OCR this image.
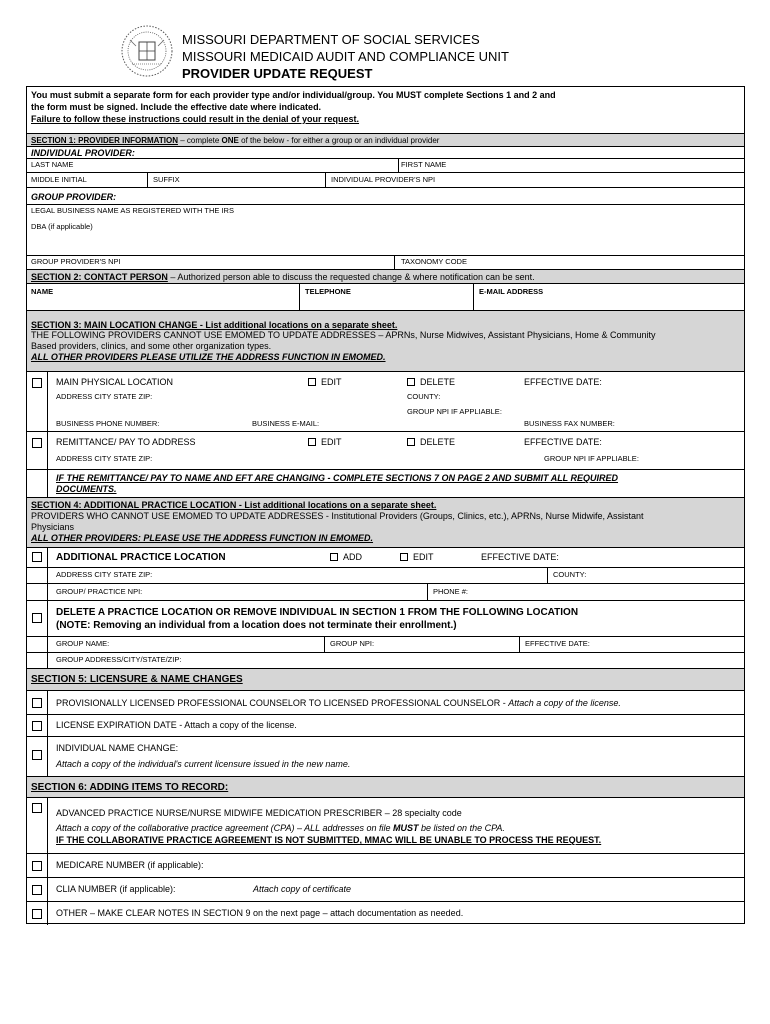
MISSOURI DEPARTMENT OF SOCIAL SERVICES
MISSOURI MEDICAID AUDIT AND COMPLIANCE UNIT
PROVIDER UPDATE REQUEST
You must submit a separate form for each provider type and/or individual/group. You MUST complete Sections 1 and 2 and
the form must be signed. Include the effective date where indicated.
Failure to follow these instructions could result in the denial of your request.
SECTION 1: PROVIDER INFORMATION – complete ONE of the below - for either a group or an individual provider
INDIVIDUAL PROVIDER:
LAST NAME	FIRST NAME
MIDDLE INITIAL	SUFFIX	INDIVIDUAL PROVIDER'S NPI
GROUP PROVIDER:
LEGAL BUSINESS NAME AS REGISTERED WITH THE IRS
DBA (if applicable)
GROUP PROVIDER'S NPI	TAXONOMY CODE
SECTION 2: CONTACT PERSON – Authorized person able to discuss the requested change & where notification can be sent.
NAME	TELEPHONE	E-MAIL ADDRESS
SECTION 3: MAIN LOCATION CHANGE - List additional locations on a separate sheet.
THE FOLLOWING PROVIDERS CANNOT USE EMOMED TO UPDATE ADDRESSES – APRNs, Nurse Midwives, Assistant Physicians, Home & Community
Based providers, clinics, and some other organization types.
ALL OTHER PROVIDERS PLEASE UTILIZE THE ADDRESS FUNCTION IN EMOMED.
MAIN PHYSICAL LOCATION	EDIT	DELETE	EFFECTIVE DATE:
ADDRESS CITY STATE ZIP:	COUNTY:
GROUP NPI IF APPLIABLE:
BUSINESS PHONE NUMBER:	BUSINESS E-MAIL:	BUSINESS FAX NUMBER:
REMITTANCE/ PAY TO ADDRESS	EDIT	DELETE	EFFECTIVE DATE:
ADDRESS CITY STATE ZIP:	GROUP NPI IF APPLIABLE:
IF THE REMITTANCE/ PAY TO NAME AND EFT ARE CHANGING - COMPLETE SECTIONS 7 ON PAGE 2 AND SUBMIT ALL REQUIRED
DOCUMENTS.
SECTION 4: ADDITIONAL PRACTICE LOCATION - List additional locations on a separate sheet.
PROVIDERS WHO CANNOT USE EMOMED TO UPDATE ADDRESSES - Institutional Providers (Groups, Clinics, etc.), APRNs, Nurse Midwife, Assistant
Physicians
ALL OTHER PROVIDERS: PLEASE USE THE ADDRESS FUNCTION IN EMOMED.
ADDITIONAL PRACTICE LOCATION	ADD	EDIT	EFFECTIVE DATE:
ADDRESS CITY STATE ZIP:	COUNTY:
GROUP/ PRACTICE NPI:	PHONE #:
DELETE A PRACTICE LOCATION OR REMOVE INDIVIDUAL IN SECTION 1 FROM THE FOLLOWING LOCATION
(NOTE: Removing an individual from a location does not terminate their enrollment.)
GROUP NAME:	GROUP NPI:	EFFECTIVE DATE:
GROUP ADDRESS/CITY/STATE/ZIP:
SECTION 5: LICENSURE & NAME CHANGES
PROVISIONALLY LICENSED PROFESSIONAL COUNSELOR TO LICENSED PROFESSIONAL COUNSELOR - Attach a copy of the license.
LICENSE EXPIRATION DATE - Attach a copy of the license.
INDIVIDUAL NAME CHANGE:
Attach a copy of the individual's current licensure issued in the new name.
SECTION 6: ADDING ITEMS TO RECORD:
ADVANCED PRACTICE NURSE/NURSE MIDWIFE MEDICATION PRESCRIBER – 28 specialty code
Attach a copy of the collaborative practice agreement (CPA) – ALL addresses on file MUST be listed on the CPA.
IF THE COLLABORATIVE PRACTICE AGREEMENT IS NOT SUBMITTED, MMAC WILL BE UNABLE TO PROCESS THE REQUEST.
MEDICARE NUMBER (if applicable):
CLIA NUMBER (if applicable):	Attach copy of certificate
OTHER – MAKE CLEAR NOTES IN SECTION 9 on the next page – attach documentation as needed.
